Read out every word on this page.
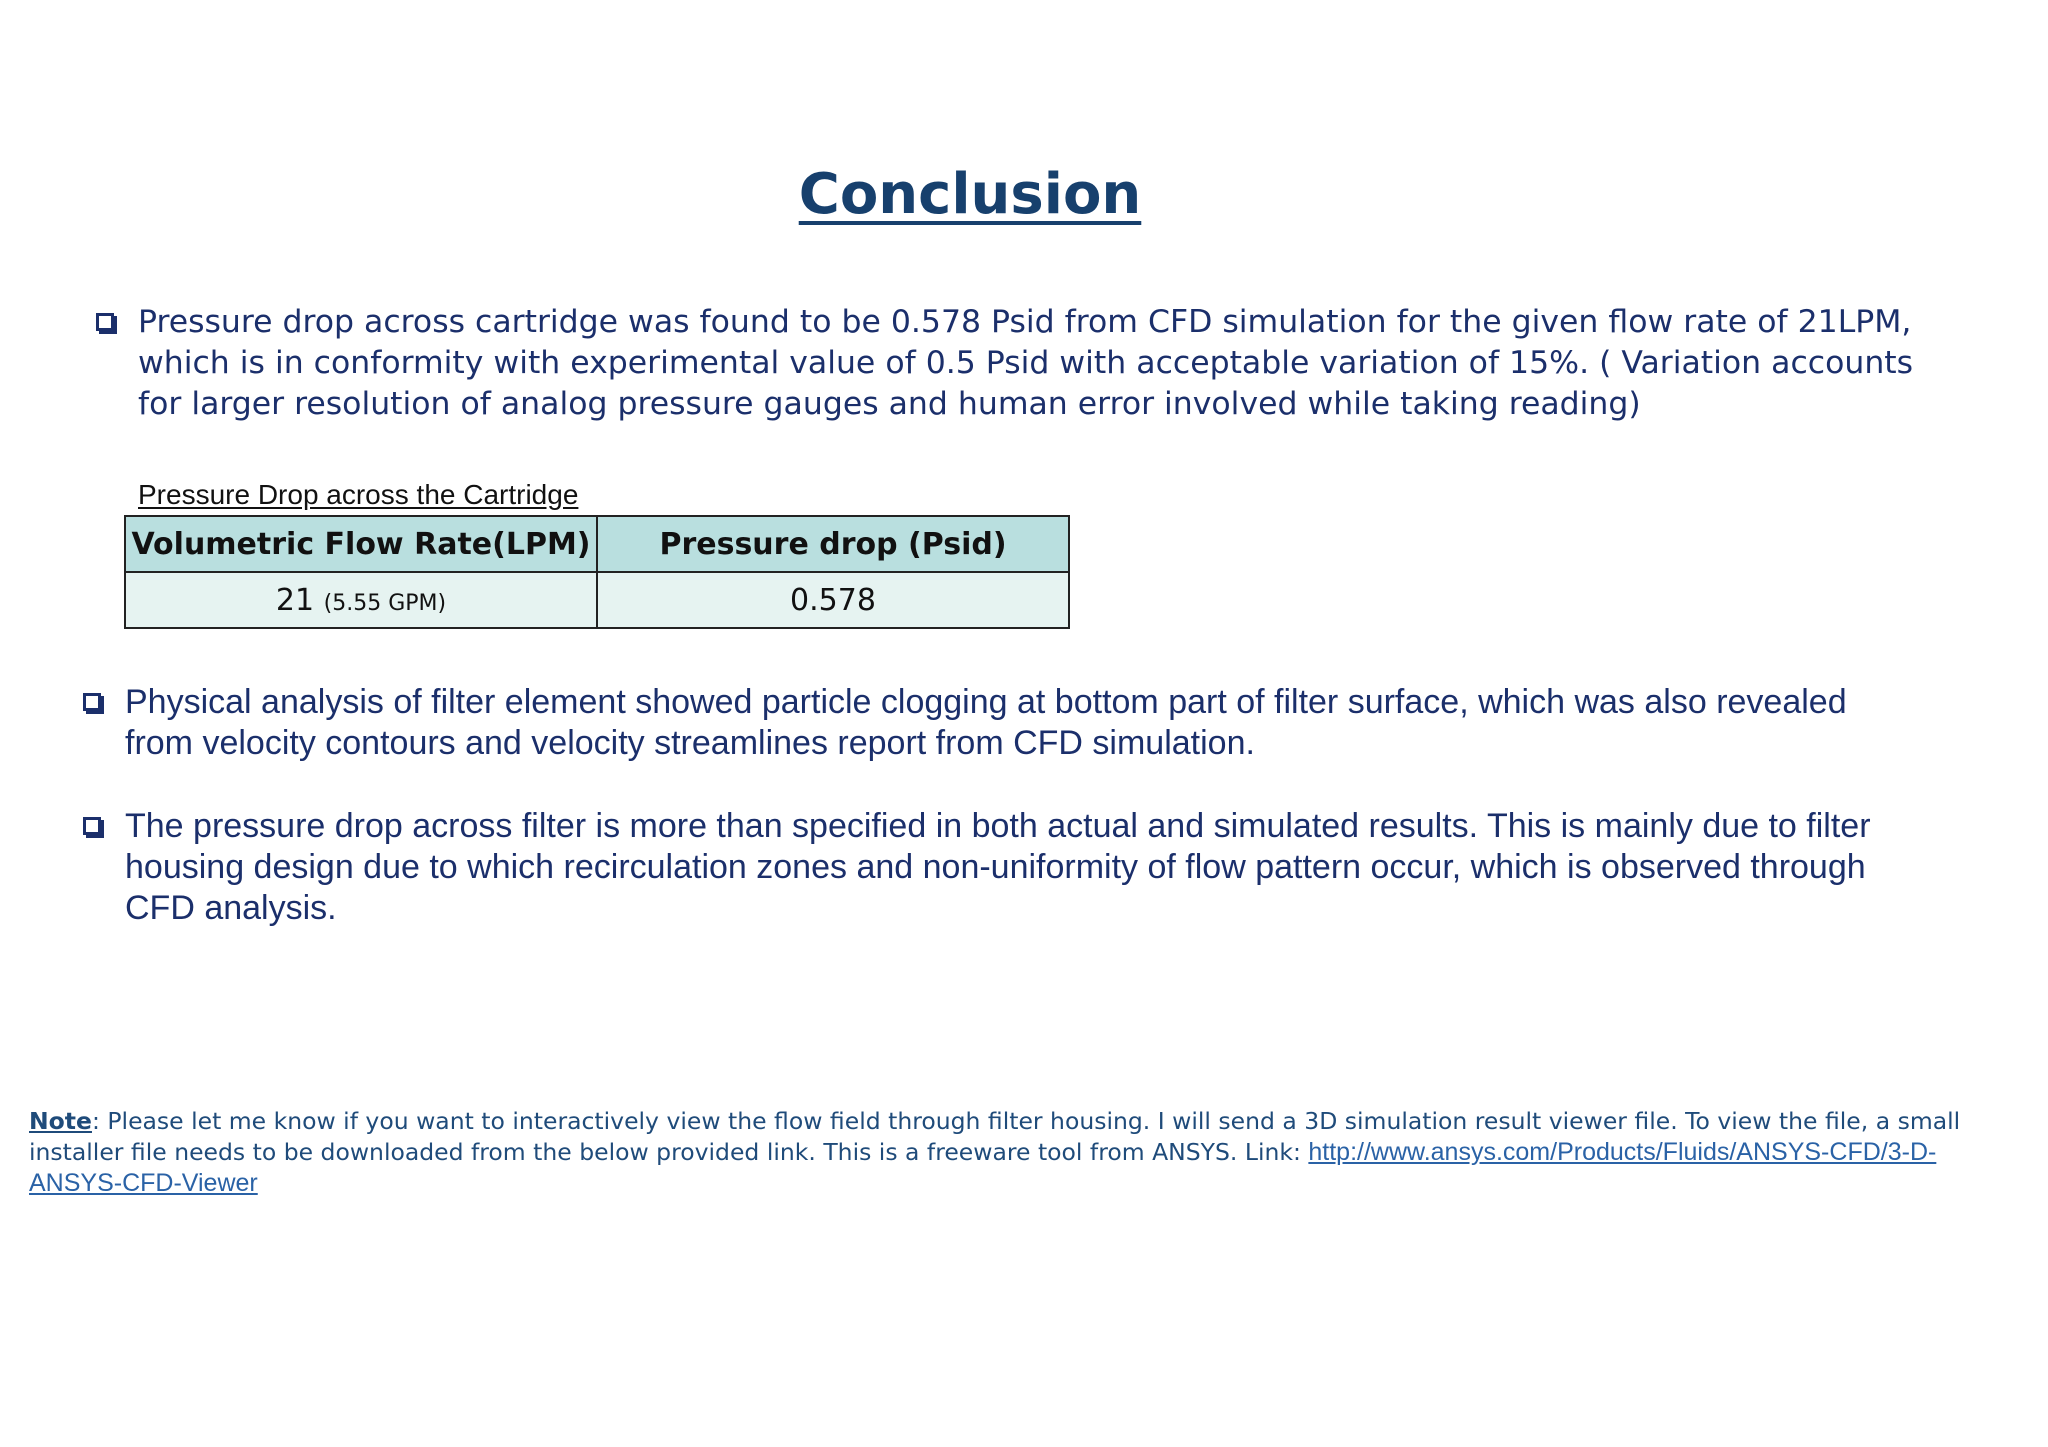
Conclusion
Pressure drop across cartridge was found to be 0.578 Psid from CFD simulation for the given flow rate of 21LPM, which is in conformity with experimental value of 0.5 Psid with acceptable variation of 15%. ( Variation accounts for larger resolution of analog pressure gauges and human error involved while taking reading)
Pressure Drop across the Cartridge
Volumetric Flow Rate(LPM)	Pressure drop (Psid)
21 (5.55 GPM)	0.578
Physical analysis of filter element showed particle clogging at bottom part of filter surface, which was also revealed from velocity contours and velocity streamlines report from CFD simulation.
The pressure drop across filter is more than specified in both actual and simulated results. This is mainly due to filter housing design due to which recirculation zones and non-uniformity of flow pattern occur, which is observed through CFD analysis.
Note: Please let me know if you want to interactively view the flow field through filter housing. I will send a 3D simulation result viewer file. To view the file, a small installer file needs to be downloaded from the below provided link. This is a freeware tool from ANSYS. Link: http://www.ansys.com/Products/Fluids/ANSYS-CFD/3-D-ANSYS-CFD-Viewer
